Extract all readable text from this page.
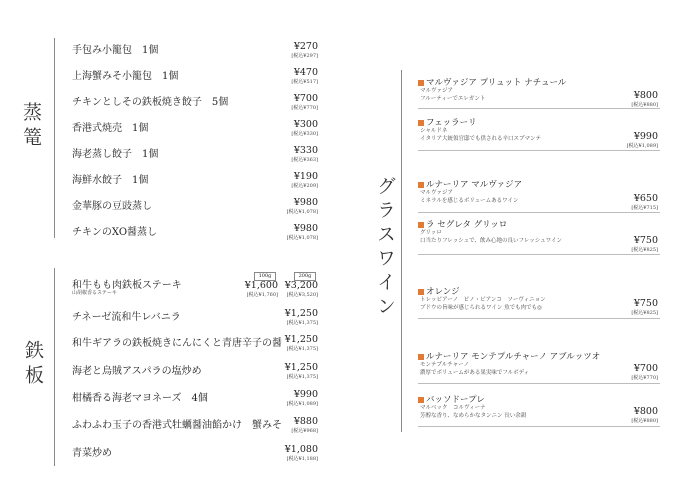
蒸篭
鉄板
手包み小籠包　1個	¥270
[税込¥297]
上海蟹みそ小籠包　1個	¥470
[税込¥517]
チキンとしその鉄板焼き餃子　5個	¥700
[税込¥770]
香港式焼売　1個	¥300
[税込¥330]
海老蒸し餃子　1個	¥330
[税込¥363]
海鮮水餃子　1個	¥190
[税込¥209]
金華豚の豆豉蒸し	¥980
[税込¥1,078]
チキンのXO醤蒸し	¥980
[税込¥1,078]
和牛もも肉鉄板ステーキ
山胡椒香るステーキ
100g	200g
¥1,600 ¥3,200
[税込¥1,760]	[税込¥3,520]
チネーゼ流和牛レバニラ	¥1,250
[税込¥1,375]
和牛ギアラの鉄板焼きにんにくと青唐辛子の醤 ¥1,250
[税込¥1,375]
海老と烏賊アスパラの塩炒め	¥1,250
[税込¥1,375]
柑橘香る海老マヨネーズ　4個	¥990
[税込¥1,089]
ふわふわ玉子の香港式牡蠣醤油餡かけ　蟹みそ	¥880
[税込¥968]
青菜炒め	¥1,080
[税込¥1,188]
グラスワイン
マルヴァジア プリュット ナチュール
マルヴァジア
フルーティーでエレガント	¥800
[税込¥880]
フェッラーリ
シャルドネ
イタリア大統領官邸でも供される辛口スプマンテ	¥990
[税込¥1,089]
ルナーリア マルヴァジア
マルヴァジア
ミネラルを感じるボリュームあるワイン	¥650
[税込¥715]
ラ セグレタ グリッロ
グリッロ
口当たりフレッシュで、飲み心地の良いフレッシュワイン	¥750
[税込¥825]
オレンジ
トレッビアーノ　ピノ・ビアンコ　ソーヴィニョン
ブドウの旨味が感じられるワイン 魚でも肉でも◎	¥750
[税込¥825]
ルナーリア モンテプルチャーノ アブルッツオ
モンテプルチャーノ
濃厚でボリュームがある果実味でフルボディ	¥700
[税込¥770]
バッソドープレ
マルベック　コルヴィーナ
芳醇な香り、なめらかなタンニン 長い余韻	¥800
[税込¥880]
